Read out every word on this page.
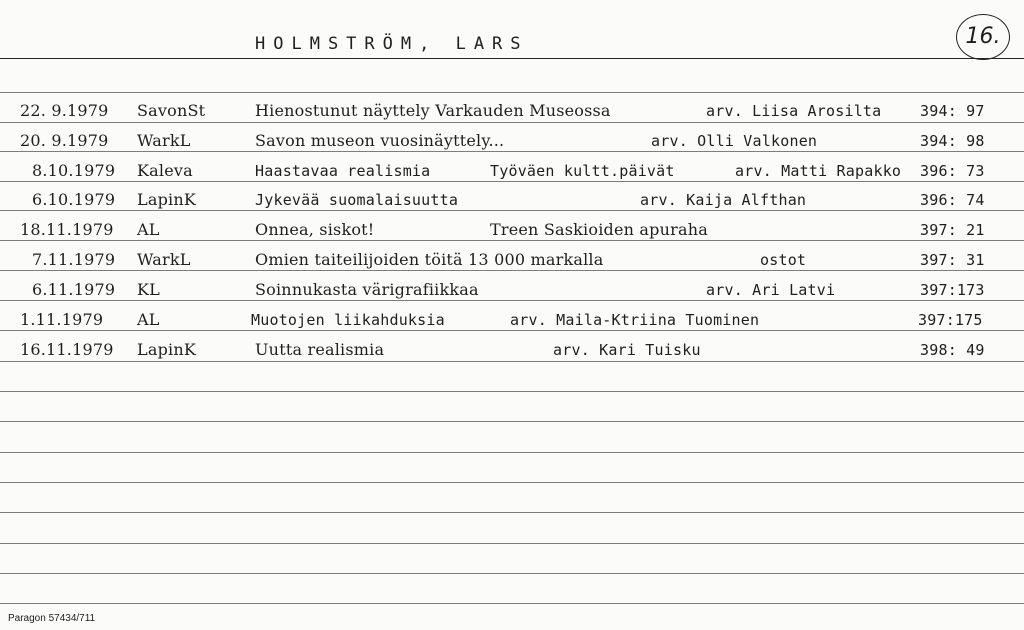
HOLMSTRÖM, LARS	16.
22. 9.1979 SavonSt	Hienostunut näyttely Varkauden Museossa	arv. Liisa Arosilta	394: 97
20. 9.1979 WarkL	Savon museon vuosinäyttely...	arv. Olli Valkonen	394: 98
8.10.1979 Kaleva	Haastavaa realismia	Työväen kultt.päivät	arv. Matti Rapakko 396: 73
6.10.1979 LapinK	Jykevää suomalaisuutta	arv. Kaija Alfthan	396: 74
18.11.1979 AL	Onnea, siskot!	Treen Saskioiden apuraha	397: 21
7.11.1979 WarkL	Omien taiteilijoiden töitä 13 000 markalla	ostot	397: 31
6.11.1979 KL	Soinnukasta värigrafiikkaa	arv. Ari Latvi	397:173
1.11.1979 AL	Muotojen liikahduksia	arv. Maila-Ktriina Tuominen	397:175
16.11.1979 LapinK	Uutta realismia	arv. Kari Tuisku	398: 49
Paragon 57434/711
